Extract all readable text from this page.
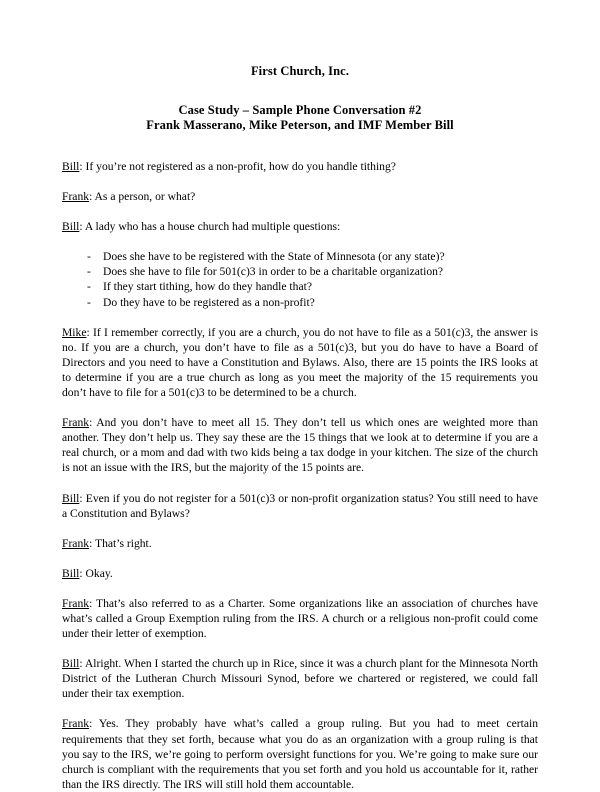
First Church, Inc.
Case Study – Sample Phone Conversation #2
Frank Masserano, Mike Peterson, and IMF Member Bill

Bill: If you’re not registered as a non-profit, how do you handle tithing?

Frank: As a person, or what?

Bill: A lady who has a house church had multiple questions:

- Does she have to be registered with the State of Minnesota (or any state)?
- Does she have to file for 501(c)3 in order to be a charitable organization?
- If they start tithing, how do they handle that?
- Do they have to be registered as a non-profit?

Mike: If I remember correctly, if you are a church, you do not have to file as a 501(c)3, the answer is no. If you are a church, you don’t have to file as a 501(c)3, but you do have to have a Board of Directors and you need to have a Constitution and Bylaws. Also, there are 15 points the IRS looks at to determine if you are a true church as long as you meet the majority of the 15 requirements you don’t have to file for a 501(c)3 to be determined to be a church.

Frank: And you don’t have to meet all 15. They don’t tell us which ones are weighted more than another. They don’t help us. They say these are the 15 things that we look at to determine if you are a real church, or a mom and dad with two kids being a tax dodge in your kitchen. The size of the church is not an issue with the IRS, but the majority of the 15 points are.

Bill: Even if you do not register for a 501(c)3 or non-profit organization status? You still need to have a Constitution and Bylaws?

Frank: That’s right.

Bill: Okay.

Frank: That’s also referred to as a Charter. Some organizations like an association of churches have what’s called a Group Exemption ruling from the IRS. A church or a religious non-profit could come under their letter of exemption.

Bill: Alright. When I started the church up in Rice, since it was a church plant for the Minnesota North District of the Lutheran Church Missouri Synod, before we chartered or registered, we could fall under their tax exemption.

Frank: Yes. They probably have what’s called a group ruling. But you had to meet certain requirements that they set forth, because what you do as an organization with a group ruling is that you say to the IRS, we’re going to perform oversight functions for you. We’re going to make sure our church is compliant with the requirements that you set forth and you hold us accountable for it, rather than the IRS directly. The IRS will still hold them accountable.
